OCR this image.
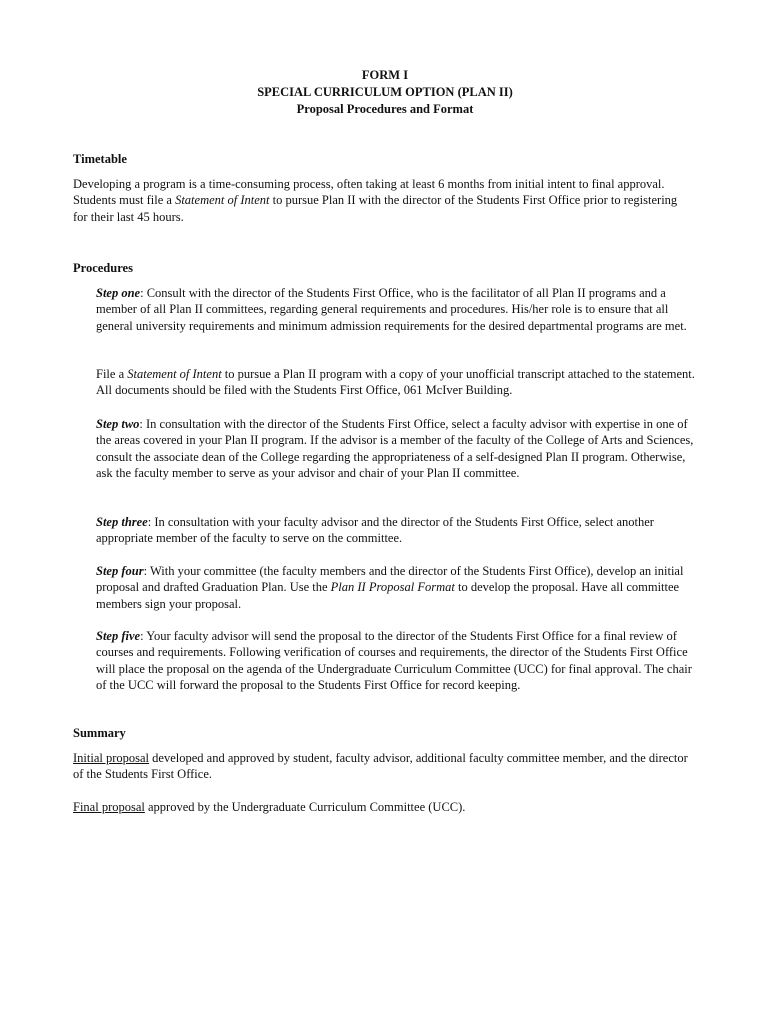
FORM I
SPECIAL CURRICULUM OPTION (PLAN II)
Proposal Procedures and Format
Timetable

Developing a program is a time-consuming process, often taking at least 6 months from initial intent to final approval. Students must file a Statement of Intent to pursue Plan II with the director of the Students First Office prior to registering for their last 45 hours.

Procedures

Step one: Consult with the director of the Students First Office, who is the facilitator of all Plan II programs and a member of all Plan II committees, regarding general requirements and procedures. His/her role is to ensure that all general university requirements and minimum admission requirements for the desired departmental programs are met.

File a Statement of Intent to pursue a Plan II program with a copy of your unofficial transcript attached to the statement. All documents should be filed with the Students First Office, 061 McIver Building.

Step two: In consultation with the director of the Students First Office, select a faculty advisor with expertise in one of the areas covered in your Plan II program. If the advisor is a member of the faculty of the College of Arts and Sciences, consult the associate dean of the College regarding the appropriateness of a self-designed Plan II program. Otherwise, ask the faculty member to serve as your advisor and chair of your Plan II committee.

Step three: In consultation with your faculty advisor and the director of the Students First Office, select another appropriate member of the faculty to serve on the committee.

Step four: With your committee (the faculty members and the director of the Students First Office), develop an initial proposal and drafted Graduation Plan. Use the Plan II Proposal Format to develop the proposal. Have all committee members sign your proposal.

Step five: Your faculty advisor will send the proposal to the director of the Students First Office for a final review of courses and requirements. Following verification of courses and requirements, the director of the Students First Office will place the proposal on the agenda of the Undergraduate Curriculum Committee (UCC) for final approval. The chair of the UCC will forward the proposal to the Students First Office for record keeping.

Summary

Initial proposal developed and approved by student, faculty advisor, additional faculty committee member, and the director of the Students First Office.

Final proposal approved by the Undergraduate Curriculum Committee (UCC).
